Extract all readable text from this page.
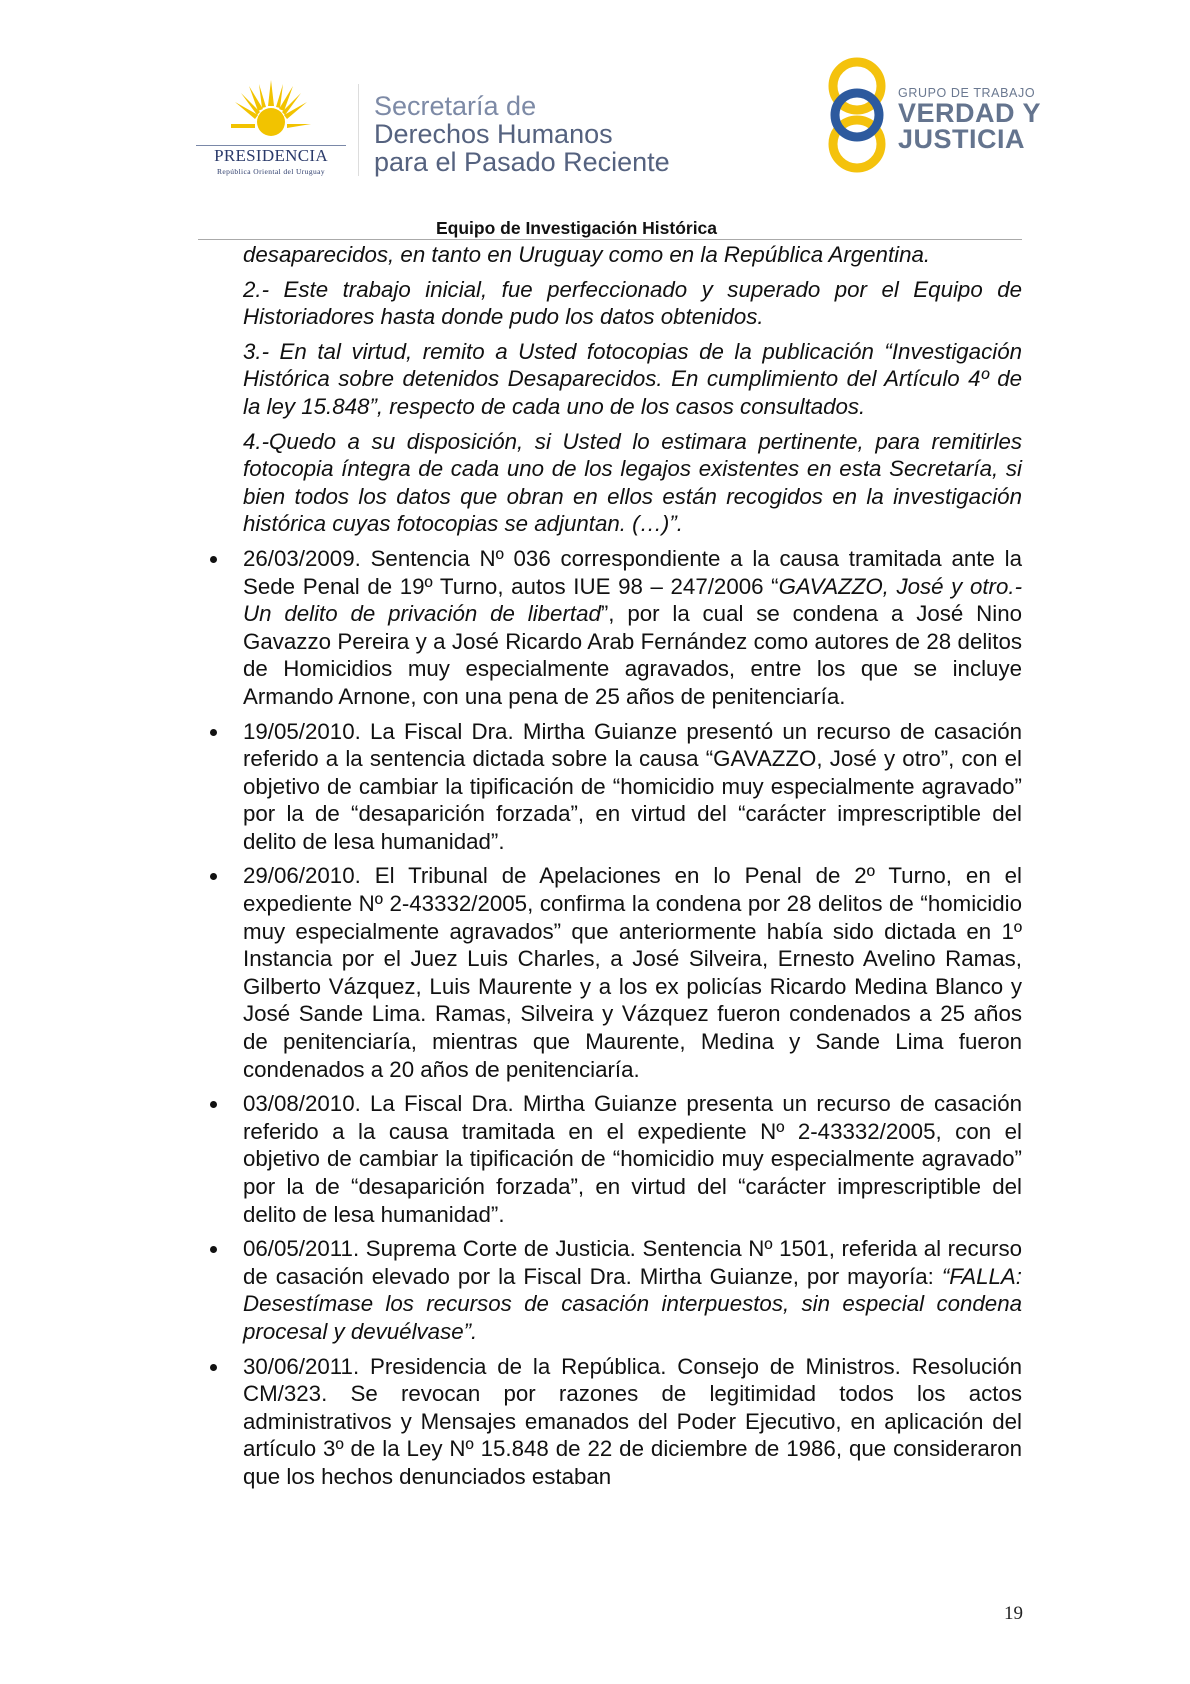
PRESIDENCIA
República Oriental del Uruguay
Secretaría de
Derechos Humanos
para el Pasado Reciente
GRUPO DE TRABAJO
VERDAD Y
JUSTICIA
Equipo de Investigación Histórica

desaparecidos, en tanto en Uruguay como en la República Argentina.

2.- Este trabajo inicial, fue perfeccionado y superado por el Equipo de Historiadores hasta donde pudo los datos obtenidos.

3.- En tal virtud, remito a Usted fotocopias de la publicación “Investigación Histórica sobre detenidos Desaparecidos. En cumplimiento del Artículo 4º de la ley 15.848”, respecto de cada uno de los casos consultados.

4.-Quedo a su disposición, si Usted lo estimara pertinente, para remitirles fotocopia íntegra de cada uno de los legajos existentes en esta Secretaría, si bien todos los datos que obran en ellos están recogidos en la investigación histórica cuyas fotocopias se adjuntan. (…)”.

26/03/2009. Sentencia Nº 036 correspondiente a la causa tramitada ante la Sede Penal de 19º Turno, autos IUE 98 – 247/2006 “GAVAZZO, José y otro.- Un delito de privación de libertad”, por la cual se condena a José Nino Gavazzo Pereira y a José Ricardo Arab Fernández como autores de 28 delitos de Homicidios muy especialmente agravados, entre los que se incluye Armando Arnone, con una pena de 25 años de penitenciaría.
19/05/2010. La Fiscal Dra. Mirtha Guianze presentó un recurso de casación referido a la sentencia dictada sobre la causa “GAVAZZO, José y otro”, con el objetivo de cambiar la tipificación de “homicidio muy especialmente agravado” por la de “desaparición forzada”, en virtud del “carácter imprescriptible del delito de lesa humanidad”.
29/06/2010. El Tribunal de Apelaciones en lo Penal de 2º Turno, en el expediente Nº 2-43332/2005, confirma la condena por 28 delitos de “homicidio muy especialmente agravados” que anteriormente había sido dictada en 1º Instancia por el Juez Luis Charles, a José Silveira, Ernesto Avelino Ramas, Gilberto Vázquez, Luis Maurente y a los ex policías Ricardo Medina Blanco y José Sande Lima. Ramas, Silveira y Vázquez fueron condenados a 25 años de penitenciaría, mientras que Maurente, Medina y Sande Lima fueron condenados a 20 años de penitenciaría.
03/08/2010. La Fiscal Dra. Mirtha Guianze presenta un recurso de casación referido a la causa tramitada en el expediente Nº 2-43332/2005, con el objetivo de cambiar la tipificación de “homicidio muy especialmente agravado” por la de “desaparición forzada”, en virtud del “carácter imprescriptible del delito de lesa humanidad”.
06/05/2011. Suprema Corte de Justicia. Sentencia Nº 1501, referida al recurso de casación elevado por la Fiscal Dra. Mirtha Guianze, por mayoría: “FALLA: Desestímase los recursos de casación interpuestos, sin especial condena procesal y devuélvase”.
30/06/2011. Presidencia de la República. Consejo de Ministros. Resolución CM/323. Se revocan por razones de legitimidad todos los actos administrativos y Mensajes emanados del Poder Ejecutivo, en aplicación del artículo 3º de la Ley Nº 15.848 de 22 de diciembre de 1986, que consideraron que los hechos denunciados estaban
19
